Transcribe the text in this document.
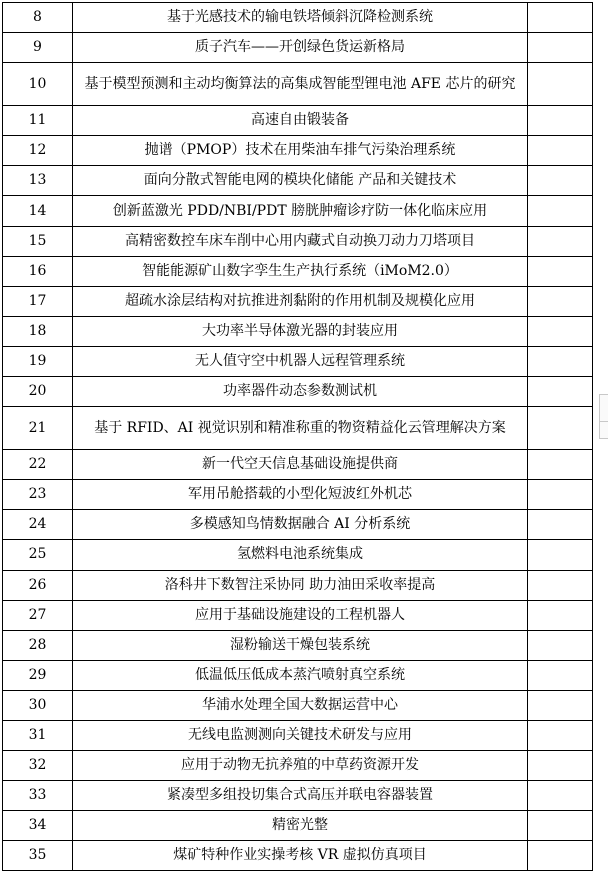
8	基于光感技术的输电铁塔倾斜沉降检测系统	
9	质子汽车——开创绿色货运新格局	
10	基于模型预测和主动均衡算法的高集成智能型锂电池 AFE 芯片的研究	
11	高速自由锻装备	
12	抛谱（PMOP）技术在用柴油车排气污染治理系统	
13	面向分散式智能电网的模块化储能 产品和关键技术	
14	创新蓝激光 PDD/NBI/PDT 膀胱肿瘤诊疗防一体化临床应用	
15	高精密数控车床车削中心用内藏式自动换刀动力刀塔项目	
16	智能能源矿山数字孪生生产执行系统（iMoM2.0）	
17	超疏水涂层结构对抗推进剂黏附的作用机制及规模化应用	
18	大功率半导体激光器的封装应用	
19	无人值守空中机器人远程管理系统	
20	功率器件动态参数测试机	
21	基于 RFID、AI 视觉识别和精准称重的物资精益化云管理解决方案	
22	新一代空天信息基础设施提供商	
23	军用吊舱搭载的小型化短波红外机芯	
24	多模感知鸟情数据融合 AI 分析系统	
25	氢燃料电池系统集成	
26	洛科井下数智注采协同 助力油田采收率提高	
27	应用于基础设施建设的工程机器人	
28	湿粉输送干燥包装系统	
29	低温低压低成本蒸汽喷射真空系统	
30	华浦水处理全国大数据运营中心	
31	无线电监测测向关键技术研发与应用	
32	应用于动物无抗养殖的中草药资源开发	
33	紧凑型多组投切集合式高压并联电容器装置	
34	精密光整	
35	煤矿特种作业实操考核 VR 虚拟仿真项目	
